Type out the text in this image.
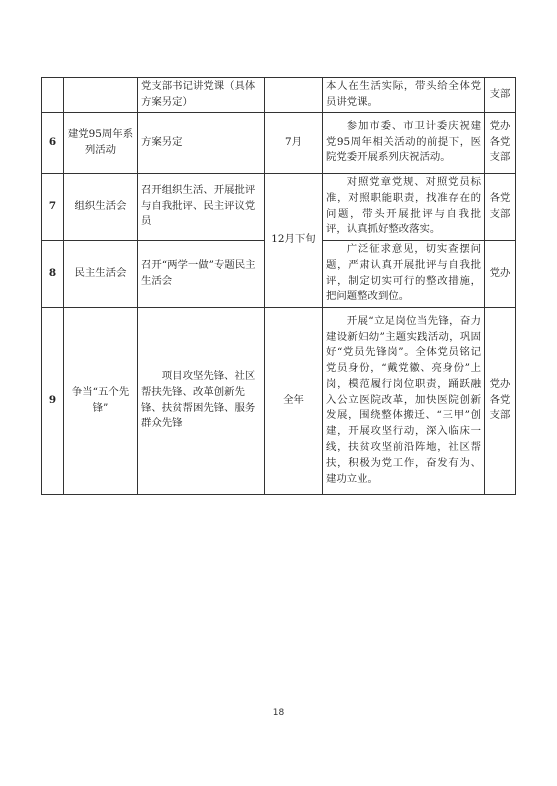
		党支部书记讲党课（具体方案另定）		本人在生活实际，带头给全体党员讲党课。	支部
6	建党95周年系列活动	方案另定	7月	参加市委、市卫计委庆祝建党95周年相关活动的前提下，医院党委开展系列庆祝活动。	党办各党支部
7	组织生活会	召开组织生活、开展批评与自我批评、民主评议党员	12月下旬	对照党章党规、对照党员标准，对照职能职责，找准存在的问题，带头开展批评与自我批评，认真抓好整改落实。	各党支部
8	民主生活会	召开“两学一做”专题民主生活会		广泛征求意见，切实查摆问题，严肃认真开展批评与自我批评，制定切实可行的整改措施，把问题整改到位。	党办
9	争当“五个先锋”	项目攻坚先锋、社区帮扶先锋、改革创新先锋、扶贫帮困先锋、服务群众先锋	全年	开展“立足岗位当先锋，奋力建设新妇幼”主题实践活动，巩固好“党员先锋岗”。全体党员铭记党员身份，“戴党徽、亮身份”上岗，模范履行岗位职责，踊跃融入公立医院改革，加快医院创新发展，围绕整体搬迁、“三甲”创建，开展攻坚行动，深入临床一线，扶贫攻坚前沿阵地，社区帮扶，积极为党工作，奋发有为、建功立业。	党办各党支部
18
